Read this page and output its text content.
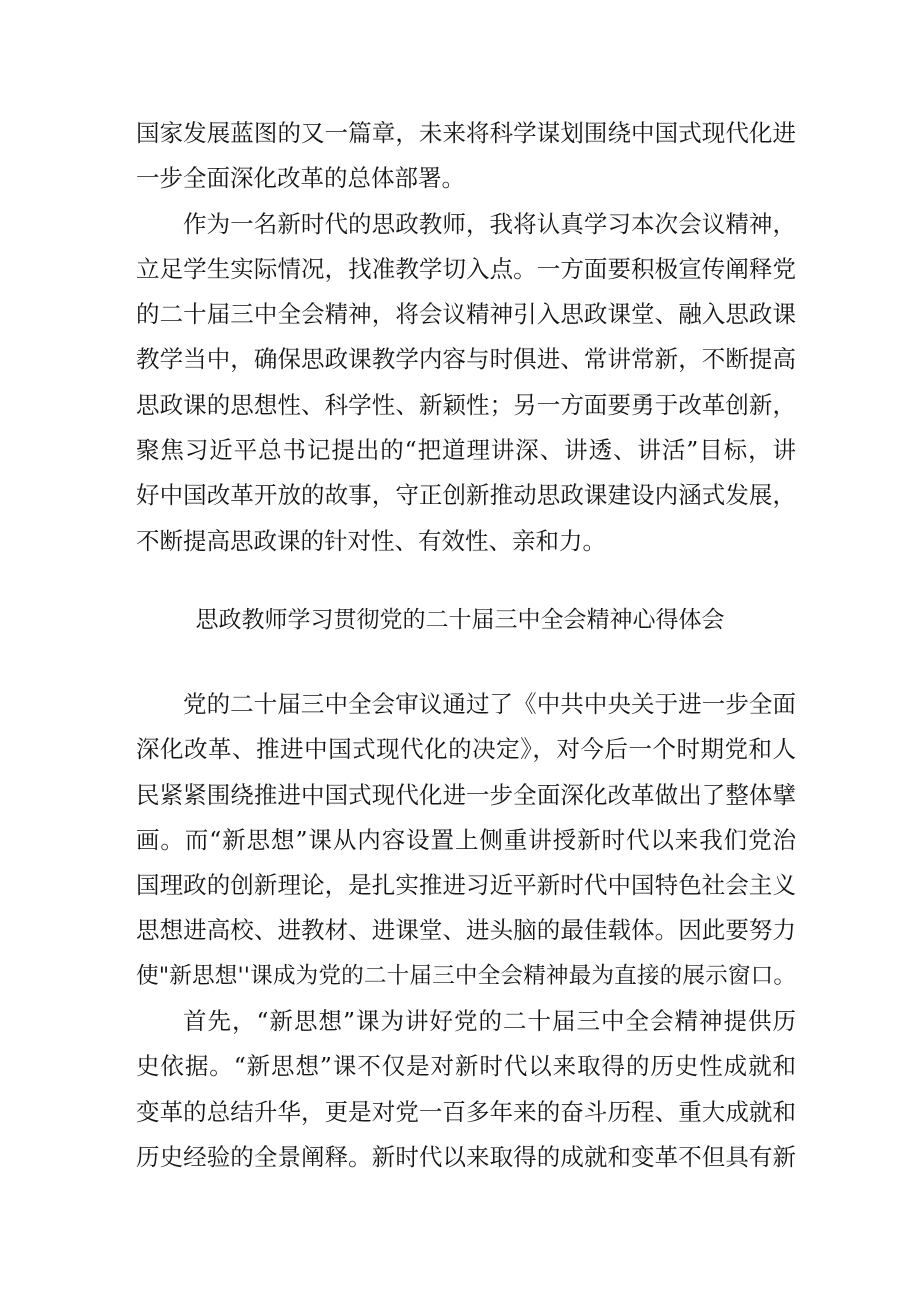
国家发展蓝图的又一篇章，未来将科学谋划围绕中国式现代化进
一步全面深化改革的总体部署。
作为一名新时代的思政教师，我将认真学习本次会议精神，
立足学生实际情况，找准教学切入点。一方面要积极宣传阐释党
的二十届三中全会精神，将会议精神引入思政课堂、融入思政课
教学当中，确保思政课教学内容与时俱进、常讲常新，不断提高
思政课的思想性、科学性、新颖性；另一方面要勇于改革创新，
聚焦习近平总书记提出的“把道理讲深、讲透、讲活”目标，讲
好中国改革开放的故事，守正创新推动思政课建设内涵式发展，
不断提高思政课的针对性、有效性、亲和力。
思政教师学习贯彻党的二十届三中全会精神心得体会
党的二十届三中全会审议通过了《中共中央关于进一步全面
深化改革、推进中国式现代化的决定》，对今后一个时期党和人
民紧紧围绕推进中国式现代化进一步全面深化改革做出了整体擘
画。而“新思想”课从内容设置上侧重讲授新时代以来我们党治
国理政的创新理论，是扎实推进习近平新时代中国特色社会主义
思想进高校、进教材、进课堂、进头脑的最佳载体。因此要努力
使"新思想''课成为党的二十届三中全会精神最为直接的展示窗口。
首先，“新思想”课为讲好党的二十届三中全会精神提供历
史依据。“新思想”课不仅是对新时代以来取得的历史性成就和
变革的总结升华，更是对党一百多年来的奋斗历程、重大成就和
历史经验的全景阐释。新时代以来取得的成就和变革不但具有新
